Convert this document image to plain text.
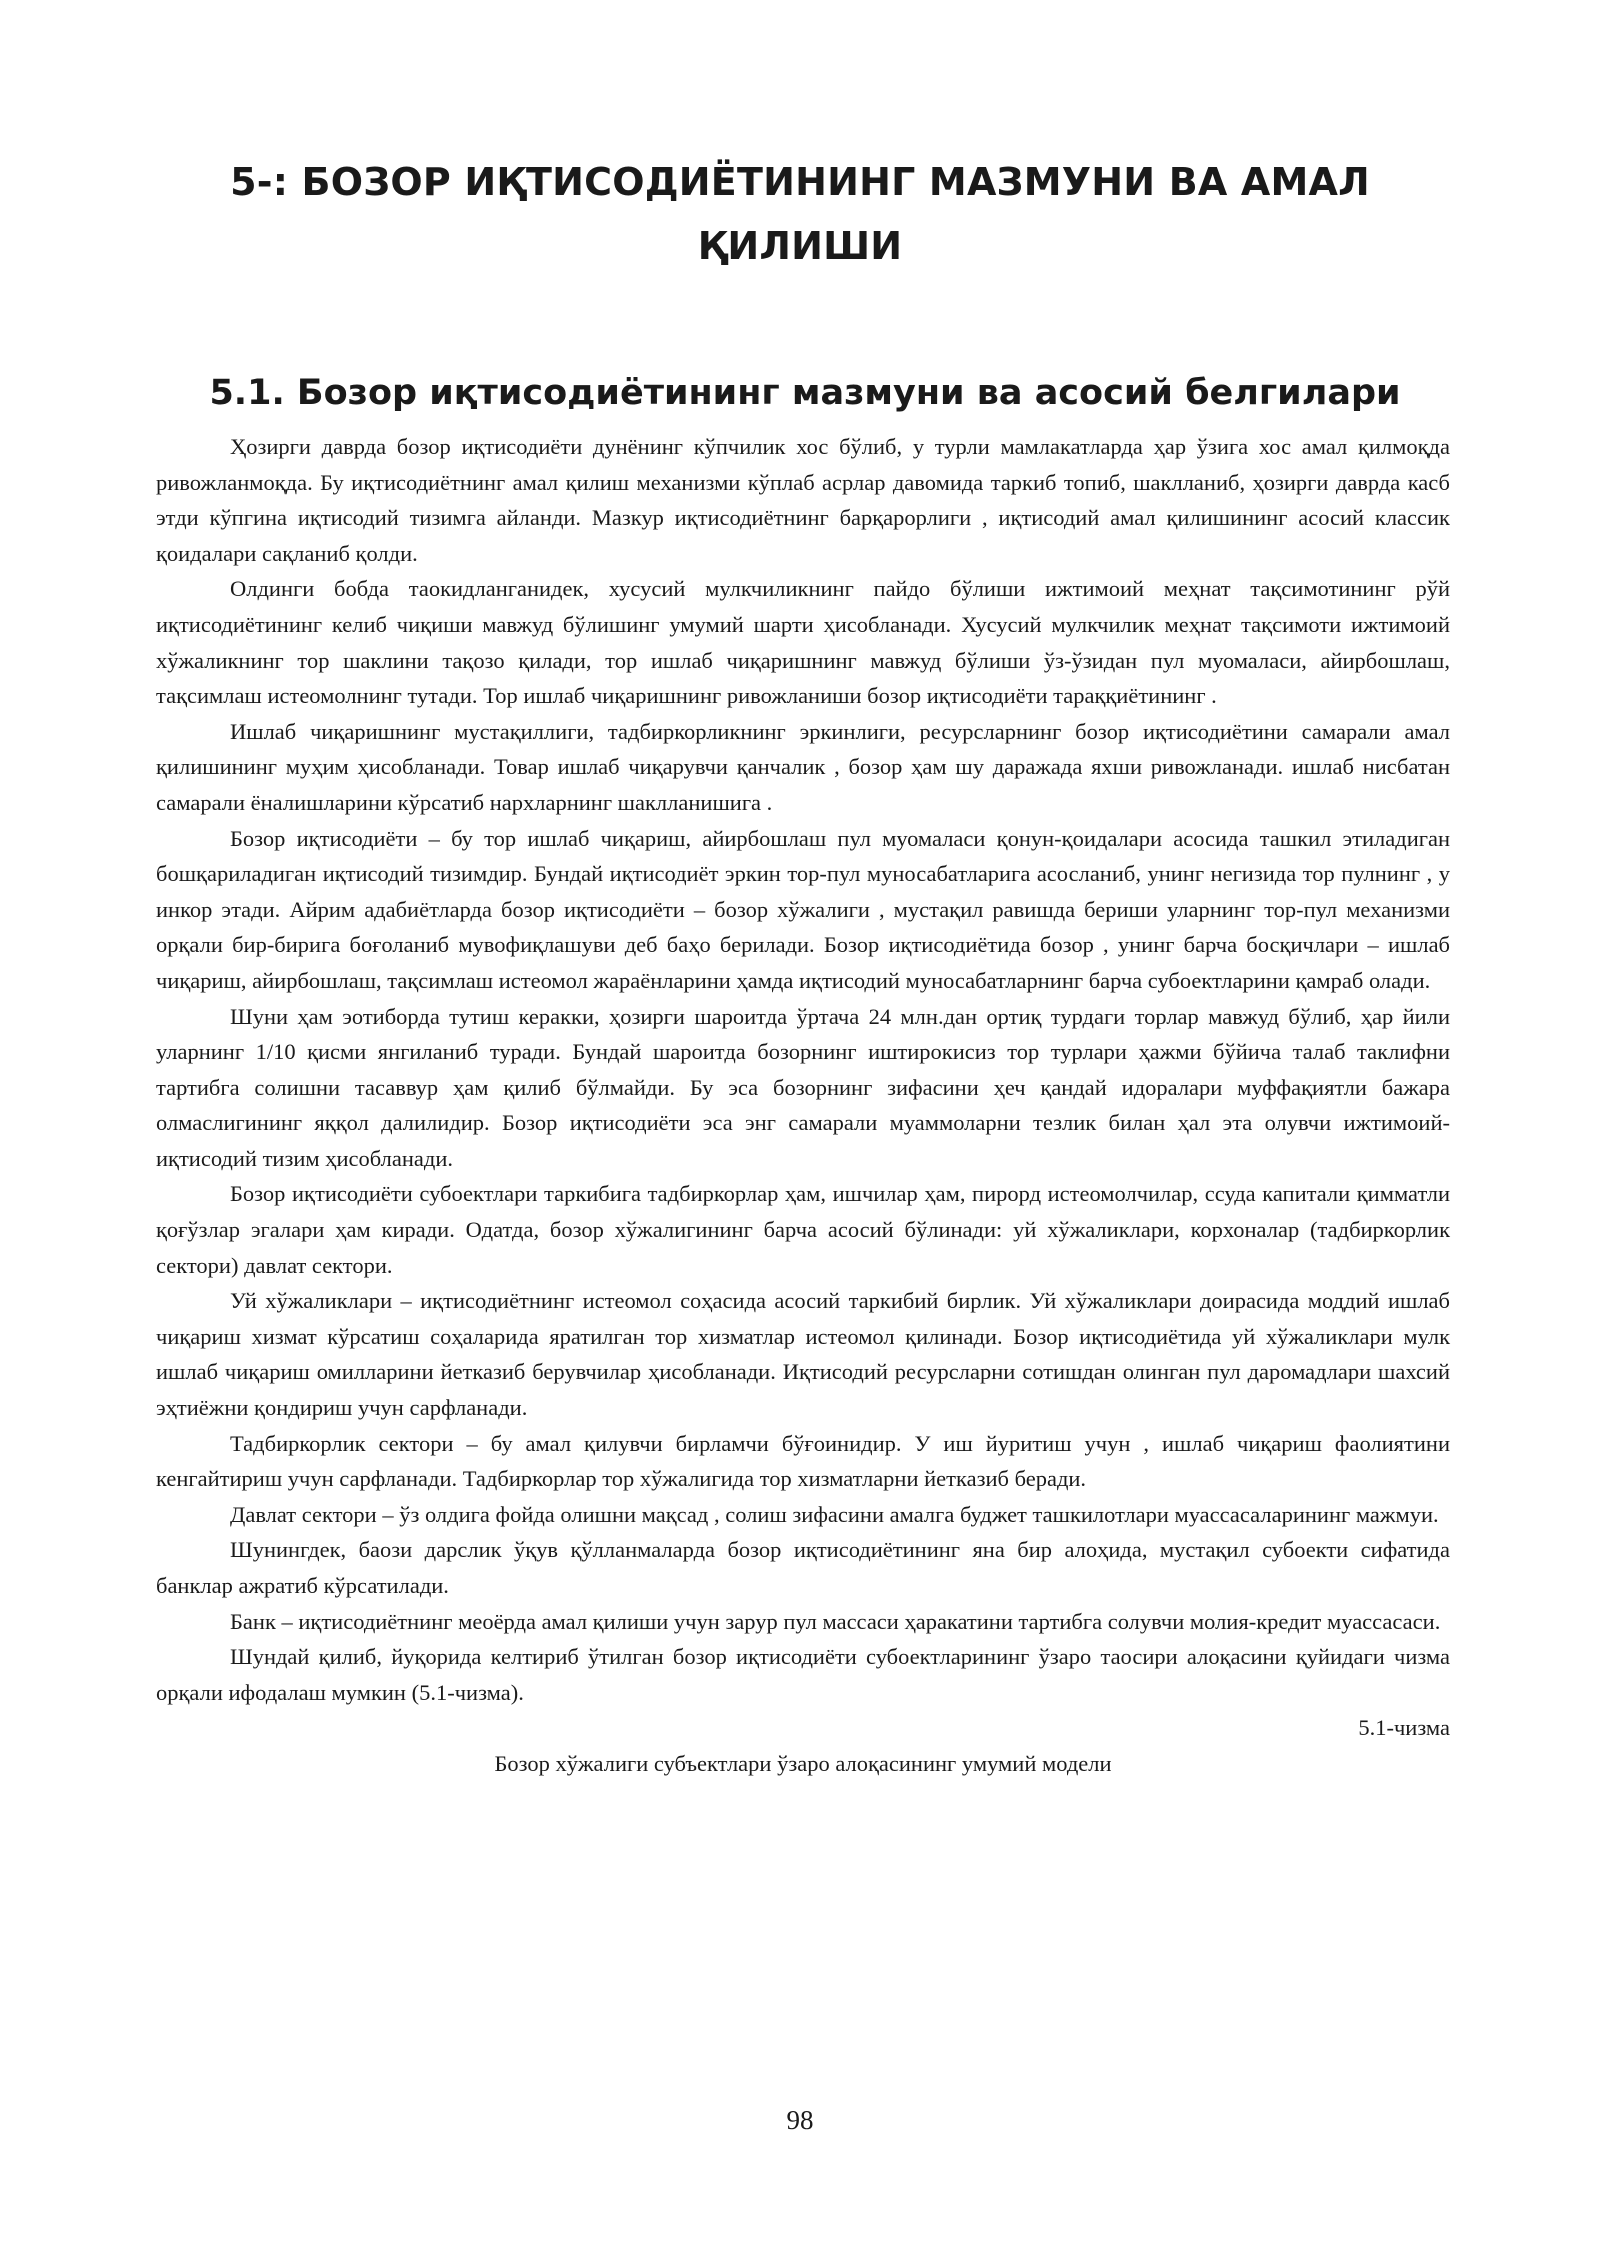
5-: БОЗОР ИҚТИСОДИЁТИНИНГ МАЗМУНИ ВА АМАЛ
ҚИЛИШИ
5.1. Бозор иқтисодиётининг мазмуни ва асосий белгилари

Ҳозирги даврда бозор иқтисодиёти дунёнинг кўпчилик хос бўлиб, у турли мамлакатларда ҳар ўзига хос амал қилмоқда ривожланмоқда. Бу иқтисодиётнинг амал қилиш механизми кўплаб асрлар давомида таркиб топиб, шаклланиб, ҳозирги даврда касб этди кўпгина иқтисодий тизимга айланди. Мазкур иқтисодиётнинг барқарорлиги , иқтисодий амал қилишининг асосий классик қоидалари сақланиб қолди.

Олдинги бобда таокидланганидек, хусусий мулкчиликнинг пайдо бўлиши ижтимоий меҳнат тақсимотининг рўй иқтисодиётининг келиб чиқиши мавжуд бўлишинг умумий шарти ҳисобланади. Хусусий мулкчилик меҳнат тақсимоти ижтимоий хўжаликнинг тор шаклини тақозо қилади, тор ишлаб чиқаришнинг мавжуд бўлиши ўз-ўзидан пул муомаласи, айирбошлаш, тақсимлаш истеомолнинг тутади. Тор ишлаб чиқаришнинг ривожланиши бозор иқтисодиёти тараққиётининг .

Ишлаб чиқаришнинг мустақиллиги, тадбиркорликнинг эркинлиги, ресурсларнинг бозор иқтисодиётини самарали амал қилишининг муҳим ҳисобланади. Товар ишлаб чиқарувчи қанчалик , бозор ҳам шу даражада яхши ривожланади. ишлаб нисбатан самарали ёналишларини кўрсатиб нархларнинг шаклланишига .

Бозор иқтисодиёти – бу тор ишлаб чиқариш, айирбошлаш пул муомаласи қонун-қоидалари асосида ташкил этиладиган бошқариладиган иқтисодий тизимдир. Бундай иқтисодиёт эркин тор-пул муносабатларига асосланиб, унинг негизида тор пулнинг , у инкор этади. Айрим адабиётларда бозор иқтисодиёти – бозор хўжалиги , мустақил равишда бериши уларнинг тор-пул механизми орқали бир-бирига боғоланиб мувофиқлашуви деб баҳо берилади. Бозор иқтисодиётида бозор , унинг барча босқичлари – ишлаб чиқариш, айирбошлаш, тақсимлаш истеомол жараёнларини ҳамда иқтисодий муносабатларнинг барча субоектларини қамраб олади.

Шуни ҳам эотиборда тутиш керакки, ҳозирги шароитда ўртача 24 млн.дан ортиқ турдаги торлар мавжуд бўлиб, ҳар йили уларнинг 1/10 қисми янгиланиб туради. Бундай шароитда бозорнинг иштирокисиз тор турлари ҳажми бўйича талаб таклифни тартибга солишни тасаввур ҳам қилиб бўлмайди. Бу эса бозорнинг зифасини ҳеч қандай идоралари муффақиятли бажара олмаслигининг яққол далилидир. Бозор иқтисодиёти эса энг самарали муаммоларни тезлик билан ҳал эта олувчи ижтимоий-иқтисодий тизим ҳисобланади.

Бозор иқтисодиёти субоектлари таркибига тадбиркорлар ҳам, ишчилар ҳам, пирорд истеомолчилар, ссуда капитали қимматли қоғўзлар эгалари ҳам киради. Одатда, бозор хўжалигининг барча асосий бўлинади: уй хўжаликлари, корхоналар (тадбиркорлик сектори) давлат сектори.

Уй хўжаликлари – иқтисодиётнинг истеомол соҳасида асосий таркибий бирлик. Уй хўжаликлари доирасида моддий ишлаб чиқариш хизмат кўрсатиш соҳаларида яратилган тор хизматлар истеомол қилинади. Бозор иқтисодиётида уй хўжаликлари мулк ишлаб чиқариш омилларини йетказиб берувчилар ҳисобланади. Иқтисодий ресурсларни сотишдан олинган пул даромадлари шахсий эҳтиёжни қондириш учун сарфланади.

Тадбиркорлик сектори – бу амал қилувчи бирламчи бўғоинидир. У иш йуритиш учун , ишлаб чиқариш фаолиятини кенгайтириш учун сарфланади. Тадбиркорлар тор хўжалигида тор хизматларни йетказиб беради.

Давлат сектори – ўз олдига фойда олишни мақсад , солиш зифасини амалга буджет ташкилотлари муассасаларининг мажмуи.

Шунингдек, баози дарслик ўқув қўлланмаларда бозор иқтисодиётининг яна бир алоҳида, мустақил субоекти сифатида банклар ажратиб кўрсатилади.

Банк – иқтисодиётнинг меоёрда амал қилиши учун зарур пул массаси ҳаракатини тартибга солувчи молия-кредит муассасаси.

Шундай қилиб, йуқорида келтириб ўтилган бозор иқтисодиёти субоектларининг ўзаро таосири алоқасини қуйидаги чизма орқали ифодалаш мумкин (5.1-чизма).

5.1-чизма

Бозор хўжалиги субъектлари ўзаро алоқасининг умумий модели

98
